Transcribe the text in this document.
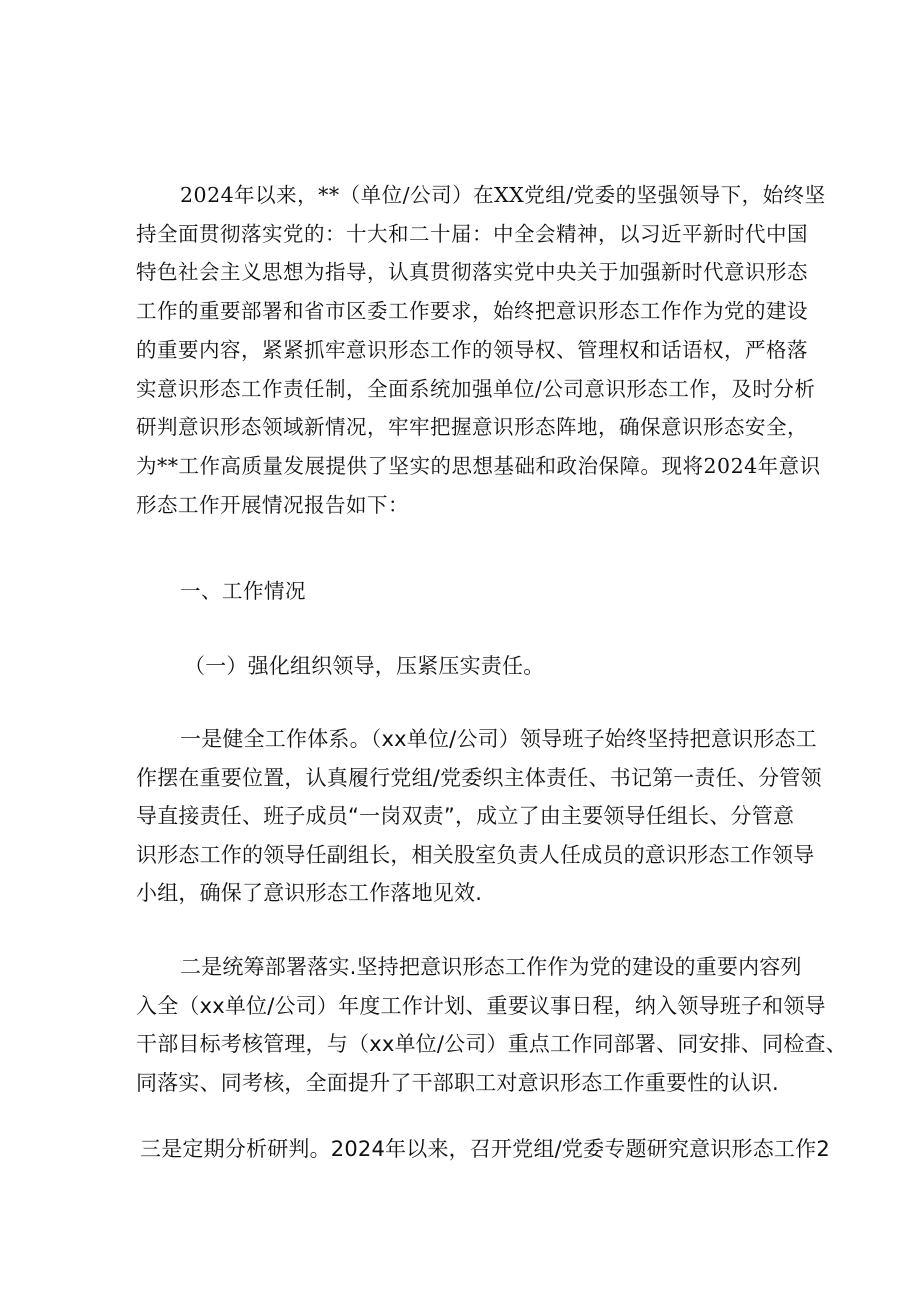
2024年以来，**（单位/公司）在XX党组/党委的坚强领导下，始终坚
持全面贯彻落实党的：十大和二十届：中全会精神，以习近平新时代中国
特色社会主义思想为指导，认真贯彻落实党中央关于加强新时代意识形态
工作的重要部署和省市区委工作要求，始终把意识形态工作作为党的建设
的重要内容，紧紧抓牢意识形态工作的领导权、管理权和话语权，严格落
实意识形态工作责任制，全面系统加强单位/公司意识形态工作，及时分析
研判意识形态领域新情况，牢牢把握意识形态阵地，确保意识形态安全，
为**工作高质量发展提供了坚实的思想基础和政治保障。现将2024年意识
形态工作开展情况报告如下：
一、工作情况
（一）强化组织领导，压紧压实责任。
一是健全工作体系。（xx单位/公司）领导班子始终坚持把意识形态工
作摆在重要位置，认真履行党组/党委织主体责任、书记第一责任、分管领
导直接责任、班子成员“一岗双责”，成立了由主要领导任组长、分管意
识形态工作的领导任副组长，相关股室负责人任成员的意识形态工作领导
小组，确保了意识形态工作落地见效.
二是统筹部署落实.坚持把意识形态工作作为党的建设的重要内容列
入全（xx单位/公司）年度工作计划、重要议事日程，纳入领导班子和领导
干部目标考核管理，与（xx单位/公司）重点工作同部署、同安排、同检查、
同落实、同考核，全面提升了干部职工对意识形态工作重要性的认识.
三是定期分析研判。2024年以来，召开党组/党委专题研究意识形态工作2
